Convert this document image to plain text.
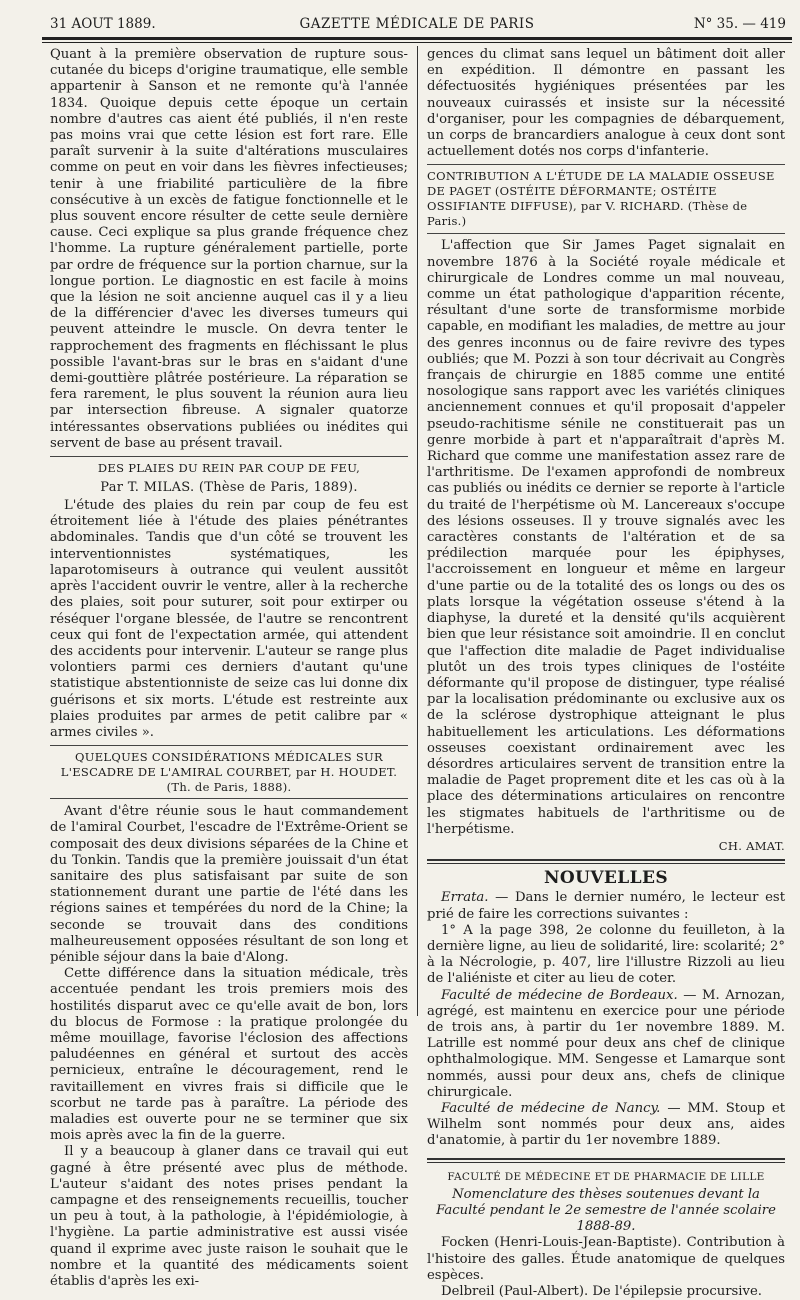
31 AOUT 1889.	GAZETTE MÉDICALE DE PARIS	N° 35. — 419

Quant à la première observation de rupture sous-cutanée du biceps d'origine traumatique, elle semble appartenir à Sanson et ne remonte qu'à l'année 1834. Quoique depuis cette époque un certain nombre d'autres cas aient été publiés, il n'en reste pas moins vrai que cette lésion est fort rare. Elle paraît survenir à la suite d'altérations musculaires comme on peut en voir dans les fièvres infectieuses; tenir à une friabilité particulière de la fibre consécutive à un excès de fatigue fonctionnelle et le plus souvent encore résulter de cette seule dernière cause. Ceci explique sa plus grande fréquence chez l'homme. La rupture généralement partielle, porte par ordre de fréquence sur la portion charnue, sur la longue portion. Le diagnostic en est facile à moins que la lésion ne soit ancienne auquel cas il y a lieu de la différencier d'avec les diverses tumeurs qui peuvent atteindre le muscle. On devra tenter le rapprochement des fragments en fléchissant le plus possible l'avant-bras sur le bras en s'aidant d'une demi-gouttière plâtrée postérieure. La réparation se fera rarement, le plus souvent la réunion aura lieu par intersection fibreuse. A signaler quatorze intéressantes observations publiées ou inédites qui servent de base au présent travail.

DES PLAIES DU REIN PAR COUP DE FEU,
Par T. MILAS. (Thèse de Paris, 1889).

L'étude des plaies du rein par coup de feu est étroitement liée à l'étude des plaies pénétrantes abdominales. Tandis que d'un côté se trouvent les interventionnistes systématiques, les laparotomiseurs à outrance qui veulent aussitôt après l'accident ouvrir le ventre, aller à la recherche des plaies, soit pour suturer, soit pour extirper ou réséquer l'organe blessée, de l'autre se rencontrent ceux qui font de l'expectation armée, qui attendent des accidents pour intervenir. L'auteur se range plus volontiers parmi ces derniers d'autant qu'une statistique abstentionniste de seize cas lui donne dix guérisons et six morts. L'étude est restreinte aux plaies produites par armes de petit calibre par « armes civiles ».

QUELQUES CONSIDÉRATIONS MÉDICALES SUR L'ESCADRE DE L'AMIRAL COURBET, par H. HOUDET. (Th. de Paris, 1888).

Avant d'être réunie sous le haut commandement de l'amiral Courbet, l'escadre de l'Extrême-Orient se composait des deux divisions séparées de la Chine et du Tonkin. Tandis que la première jouissait d'un état sanitaire des plus satisfaisant par suite de son stationnement durant une partie de l'été dans les régions saines et tempérées du nord de la Chine; la seconde se trouvait dans des conditions malheureusement opposées résultant de son long et pénible séjour dans la baie d'Along.

Cette différence dans la situation médicale, très accentuée pendant les trois premiers mois des hostilités disparut avec ce qu'elle avait de bon, lors du blocus de Formose : la pratique prolongée du même mouillage, favorise l'éclosion des affections paludéennes en général et surtout des accès pernicieux, entraîne le découragement, rend le ravitaillement en vivres frais si difficile que le scorbut ne tarde pas à paraître. La période des maladies est ouverte pour ne se terminer que six mois après avec la fin de la guerre.

Il y a beaucoup à glaner dans ce travail qui eut gagné à être présenté avec plus de méthode. L'auteur s'aidant des notes prises pendant la campagne et des renseignements recueillis, toucher un peu à tout, à la pathologie, à l'épidémiologie, à l'hygiène. La partie administrative est aussi visée quand il exprime avec juste raison le souhait que le nombre et la quantité des médicaments soient établis d'après les exi-

gences du climat sans lequel un bâtiment doit aller en expédition. Il démontre en passant les défectuosités hygiéniques présentées par les nouveaux cuirassés et insiste sur la nécessité d'organiser, pour les compagnies de débarquement, un corps de brancardiers analogue à ceux dont sont actuellement dotés nos corps d'infanterie.

CONTRIBUTION A L'ÉTUDE DE LA MALADIE OSSEUSE DE PAGET (OSTÉITE DÉFORMANTE; OSTÉITE OSSIFIANTE DIFFUSE), par V. RICHARD. (Thèse de Paris.)

L'affection que Sir James Paget signalait en novembre 1876 à la Société royale médicale et chirurgicale de Londres comme un mal nouveau, comme un état pathologique d'apparition récente, résultant d'une sorte de transformisme morbide capable, en modifiant les maladies, de mettre au jour des genres inconnus ou de faire revivre des types oubliés; que M. Pozzi à son tour décrivait au Congrès français de chirurgie en 1885 comme une entité nosologique sans rapport avec les variétés cliniques anciennement connues et qu'il proposait d'appeler pseudo-rachitisme sénile ne constituerait pas un genre morbide à part et n'apparaîtrait d'après M. Richard que comme une manifestation assez rare de l'arthritisme. De l'examen approfondi de nombreux cas publiés ou inédits ce dernier se reporte à l'article du traité de l'herpétisme où M. Lancereaux s'occupe des lésions osseuses. Il y trouve signalés avec les caractères constants de l'altération et de sa prédilection marquée pour les épiphyses, l'accroissement en longueur et même en largeur d'une partie ou de la totalité des os longs ou des os plats lorsque la végétation osseuse s'étend à la diaphyse, la dureté et la densité qu'ils acquièrent bien que leur résistance soit amoindrie. Il en conclut que l'affection dite maladie de Paget individualise plutôt un des trois types cliniques de l'ostéite déformante qu'il propose de distinguer, type réalisé par la localisation prédominante ou exclusive aux os de la sclérose dystrophique atteignant le plus habituellement les articulations. Les déformations osseuses coexistant ordinairement avec les désordres articulaires servent de transition entre la maladie de Paget proprement dite et les cas où à la place des déterminations articulaires on rencontre les stigmates habituels de l'arthritisme ou de l'herpétisme.

CH. AMAT.
NOUVELLES

Errata. — Dans le dernier numéro, le lecteur est prié de faire les corrections suivantes :

1° A la page 398, 2e colonne du feuilleton, à la dernière ligne, au lieu de solidarité, lire: scolarité; 2° à la Nécrologie, p. 407, lire l'illustre Rizzoli au lieu de l'aliéniste et citer au lieu de coter.

Faculté de médecine de Bordeaux. — M. Arnozan, agrégé, est maintenu en exercice pour une période de trois ans, à partir du 1er novembre 1889. M. Latrille est nommé pour deux ans chef de clinique ophthalmologique. MM. Sengesse et Lamarque sont nommés, aussi pour deux ans, chefs de clinique chirurgicale.

Faculté de médecine de Nancy. — MM. Stoup et Wilhelm sont nommés pour deux ans, aides d'anatomie, à partir du 1er novembre 1889.

FACULTÉ DE MÉDECINE ET DE PHARMACIE DE LILLE
Nomenclature des thèses soutenues devant la Faculté pendant le 2e semestre de l'année scolaire 1888-89.

Focken (Henri-Louis-Jean-Baptiste). Contribution à l'histoire des galles. Étude anatomique de quelques espèces.

Delbreil (Paul-Albert). De l'épilepsie procursive.
